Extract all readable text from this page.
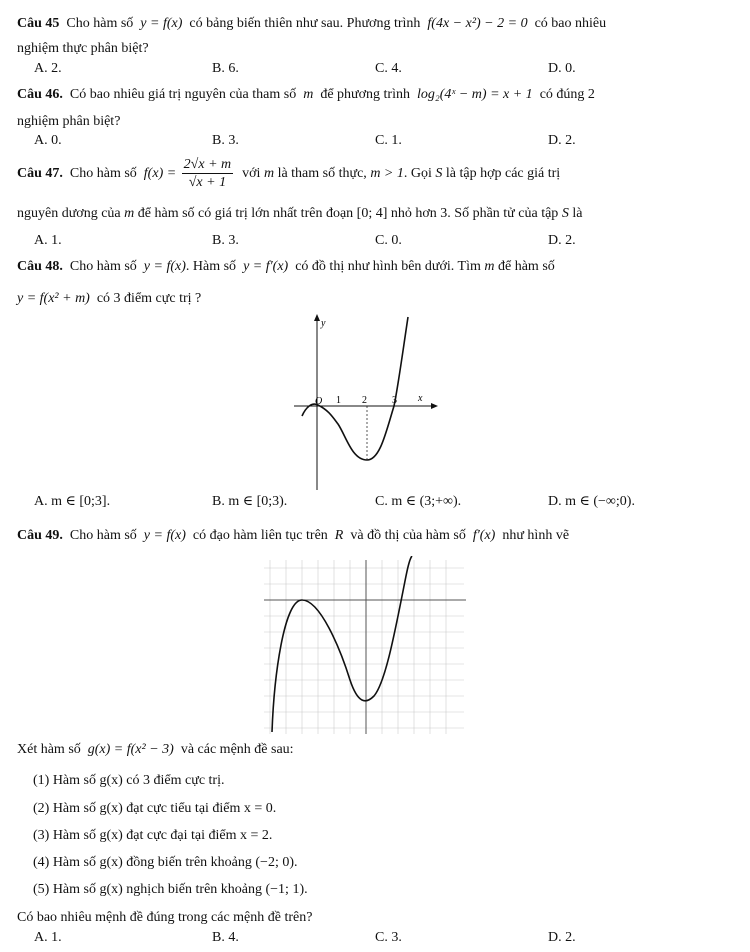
Câu 45 Cho hàm số y = f(x) có bảng biến thiên như sau. Phương trình f(4x − x²) − 2 = 0 có bao nhiêu
nghiệm thực phân biệt?
A. 2.	B. 6.	C. 4.	D. 0.
Câu 46. Có bao nhiêu giá trị nguyên của tham số m để phương trình log₂(4ˣ − m) = x + 1 có đúng 2
nghiệm phân biệt?
A. 0.	B. 3.	C. 1.	D. 2.
Câu 47. Cho hàm số $f(x) = \frac{2√x + m}{√x + 1}$ với m là tham số thực, m > 1. Gọi S là tập hợp các giá trị
nguyên dương của m để hàm số có giá trị lớn nhất trên đoạn [0; 4] nhỏ hơn 3. Số phần tử của tập S là
A. 1.	B. 3.	C. 0.	D. 2.
Câu 48. Cho hàm số y = f(x). Hàm số y = f′(x) có đồ thị như hình bên dưới. Tìm m để hàm số
y = f(x² + m) có 3 điểm cực trị ?
y
x
O 1 2	3
A. m ∈ [0;3].	B. m ∈ [0;3).	C. m ∈ (3;+∞).	D. m ∈ (−∞;0).
Câu 49. Cho hàm số y = f(x) có đạo hàm liên tục trên R và đồ thị của hàm số f′(x) như hình vẽ
Xét hàm số g(x) = f(x² − 3) và các mệnh đề sau:
(1) Hàm số g(x) có 3 điểm cực trị.
(2) Hàm số g(x) đạt cực tiểu tại điểm x = 0.
(3) Hàm số g(x) đạt cực đại tại điểm x = 2.
(4) Hàm số g(x) đồng biến trên khoảng (−2; 0).
(5) Hàm số g(x) nghịch biến trên khoảng (−1; 1).
Có bao nhiêu mệnh đề đúng trong các mệnh đề trên?
A. 1.	B. 4.	C. 3.	D. 2.
